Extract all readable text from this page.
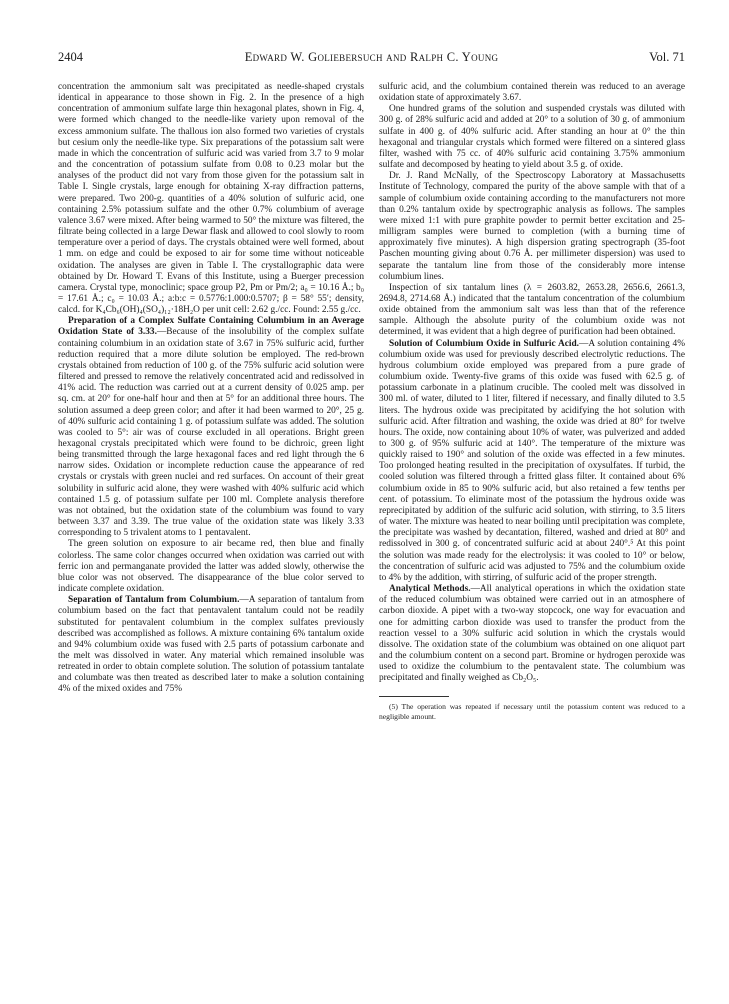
2404	Edward W. Goliebersuch and Ralph C. Young	Vol. 71

concentration the ammonium salt was precipitated as needle-shaped crystals identical in appearance to those shown in Fig. 2. In the presence of a high concentration of ammonium sulfate large thin hexagonal plates, shown in Fig. 4, were formed which changed to the needle-like variety upon removal of the excess ammonium sulfate. The thallous ion also formed two varieties of crystals but cesium only the needle-like type. Six preparations of the potassium salt were made in which the concentration of sulfuric acid was varied from 3.7 to 9 molar and the concentration of potassium sulfate from 0.08 to 0.23 molar but the analyses of the product did not vary from those given for the potassium salt in Table I. Single crystals, large enough for obtaining X-ray diffraction patterns, were prepared. Two 200-g. quantities of a 40% solution of sulfuric acid, one containing 2.5% potassium sulfate and the other 0.7% columbium of average valence 3.67 were mixed. After being warmed to 50° the mixture was filtered, the filtrate being collected in a large Dewar flask and allowed to cool slowly to room temperature over a period of days. The crystals obtained were well formed, about 1 mm. on edge and could be exposed to air for some time without noticeable oxidation. The analyses are given in Table I. The crystallographic data were obtained by Dr. Howard T. Evans of this Institute, using a Buerger precession camera. Crystal type, monoclinic; space group P2, Pm or Pm/2; a₀ = 10.16 Å.; b₀ = 17.61 Å.; c₀ = 10.03 Å.; a:b:c = 0.5776:1.000:0.5707; β = 58° 55′; density, calcd. for K₄Cb₆(OH)₄(SO₄)₁₂·18H₂O per unit cell: 2.62 g./cc. Found: 2.55 g./cc.

Preparation of a Complex Sulfate Containing Columbium in an Average Oxidation State of 3.33.—Because of the insolubility of the complex sulfate containing columbium in an oxidation state of 3.67 in 75% sulfuric acid, further reduction required that a more dilute solution be employed. The red-brown crystals obtained from reduction of 100 g. of the 75% sulfuric acid solution were filtered and pressed to remove the relatively concentrated acid and redissolved in 41% acid. The reduction was carried out at a current density of 0.025 amp. per sq. cm. at 20° for one-half hour and then at 5° for an additional three hours. The solution assumed a deep green color; and after it had been warmed to 20°, 25 g. of 40% sulfuric acid containing 1 g. of potassium sulfate was added. The solution was cooled to 5°: air was of course excluded in all operations. Bright green hexagonal crystals precipitated which were found to be dichroic, green light being transmitted through the large hexagonal faces and red light through the 6 narrow sides. Oxidation or incomplete reduction cause the appearance of red crystals or crystals with green nuclei and red surfaces. On account of their great solubility in sulfuric acid alone, they were washed with 40% sulfuric acid which contained 1.5 g. of potassium sulfate per 100 ml. Complete analysis therefore was not obtained, but the oxidation state of the columbium was found to vary between 3.37 and 3.39. The true value of the oxidation state was likely 3.33 corresponding to 5 trivalent atoms to 1 pentavalent.

The green solution on exposure to air became red, then blue and finally colorless. The same color changes occurred when oxidation was carried out with ferric ion and permanganate provided the latter was added slowly, otherwise the blue color was not observed. The disappearance of the blue color served to indicate complete oxidation.

Separation of Tantalum from Columbium.—A separation of tantalum from columbium based on the fact that pentavalent tantalum could not be readily substituted for pentavalent columbium in the complex sulfates previously described was accomplished as follows. A mixture containing 6% tantalum oxide and 94% columbium oxide was fused with 2.5 parts of potassium carbonate and the melt was dissolved in water. Any material which remained insoluble was retreated in order to obtain complete solution. The solution of potassium tantalate and columbate was then treated as described later to make a solution containing 4% of the mixed oxides and 75%

sulfuric acid, and the columbium contained therein was reduced to an average oxidation state of approximately 3.67.

One hundred grams of the solution and suspended crystals was diluted with 300 g. of 28% sulfuric acid and added at 20° to a solution of 30 g. of ammonium sulfate in 400 g. of 40% sulfuric acid. After standing an hour at 0° the thin hexagonal and triangular crystals which formed were filtered on a sintered glass filter, washed with 75 cc. of 40% sulfuric acid containing 3.75% ammonium sulfate and decomposed by heating to yield about 3.5 g. of oxide.

Dr. J. Rand McNally, of the Spectroscopy Laboratory at Massachusetts Institute of Technology, compared the purity of the above sample with that of a sample of columbium oxide containing according to the manufacturers not more than 0.2% tantalum oxide by spectrographic analysis as follows. The samples were mixed 1:1 with pure graphite powder to permit better excitation and 25-milligram samples were burned to completion (with a burning time of approximately five minutes). A high dispersion grating spectrograph (35-foot Paschen mounting giving about 0.76 Å. per millimeter dispersion) was used to separate the tantalum line from those of the considerably more intense columbium lines.

Inspection of six tantalum lines (λ = 2603.82, 2653.28, 2656.6, 2661.3, 2694.8, 2714.68 Å.) indicated that the tantalum concentration of the columbium oxide obtained from the ammonium salt was less than that of the reference sample. Although the absolute purity of the columbium oxide was not determined, it was evident that a high degree of purification had been obtained.

Solution of Columbium Oxide in Sulfuric Acid.—A solution containing 4% columbium oxide was used for previously described electrolytic reductions. The hydrous columbium oxide employed was prepared from a pure grade of columbium oxide. Twenty-five grams of this oxide was fused with 62.5 g. of potassium carbonate in a platinum crucible. The cooled melt was dissolved in 300 ml. of water, diluted to 1 liter, filtered if necessary, and finally diluted to 3.5 liters. The hydrous oxide was precipitated by acidifying the hot solution with sulfuric acid. After filtration and washing, the oxide was dried at 80° for twelve hours. The oxide, now containing about 10% of water, was pulverized and added to 300 g. of 95% sulfuric acid at 140°. The temperature of the mixture was quickly raised to 190° and solution of the oxide was effected in a few minutes. Too prolonged heating resulted in the precipitation of oxysulfates. If turbid, the cooled solution was filtered through a fritted glass filter. It contained about 6% columbium oxide in 85 to 90% sulfuric acid, but also retained a few tenths per cent. of potassium. To eliminate most of the potassium the hydrous oxide was reprecipitated by addition of the sulfuric acid solution, with stirring, to 3.5 liters of water. The mixture was heated to near boiling until precipitation was complete, the precipitate was washed by decantation, filtered, washed and dried at 80° and redissolved in 300 g. of concentrated sulfuric acid at about 240°.⁵ At this point the solution was made ready for the electrolysis: it was cooled to 10° or below, the concentration of sulfuric acid was adjusted to 75% and the columbium oxide to 4% by the addition, with stirring, of sulfuric acid of the proper strength.

Analytical Methods.—All analytical operations in which the oxidation state of the reduced columbium was obtained were carried out in an atmosphere of carbon dioxide. A pipet with a two-way stopcock, one way for evacuation and one for admitting carbon dioxide was used to transfer the product from the reaction vessel to a 30% sulfuric acid solution in which the crystals would dissolve. The oxidation state of the columbium was obtained on one aliquot part and the columbium content on a second part. Bromine or hydrogen peroxide was used to oxidize the columbium to the pentavalent state. The columbium was precipitated and finally weighed as Cb₂O₅.

(5) The operation was repeated if necessary until the potassium content was reduced to a negligible amount.
